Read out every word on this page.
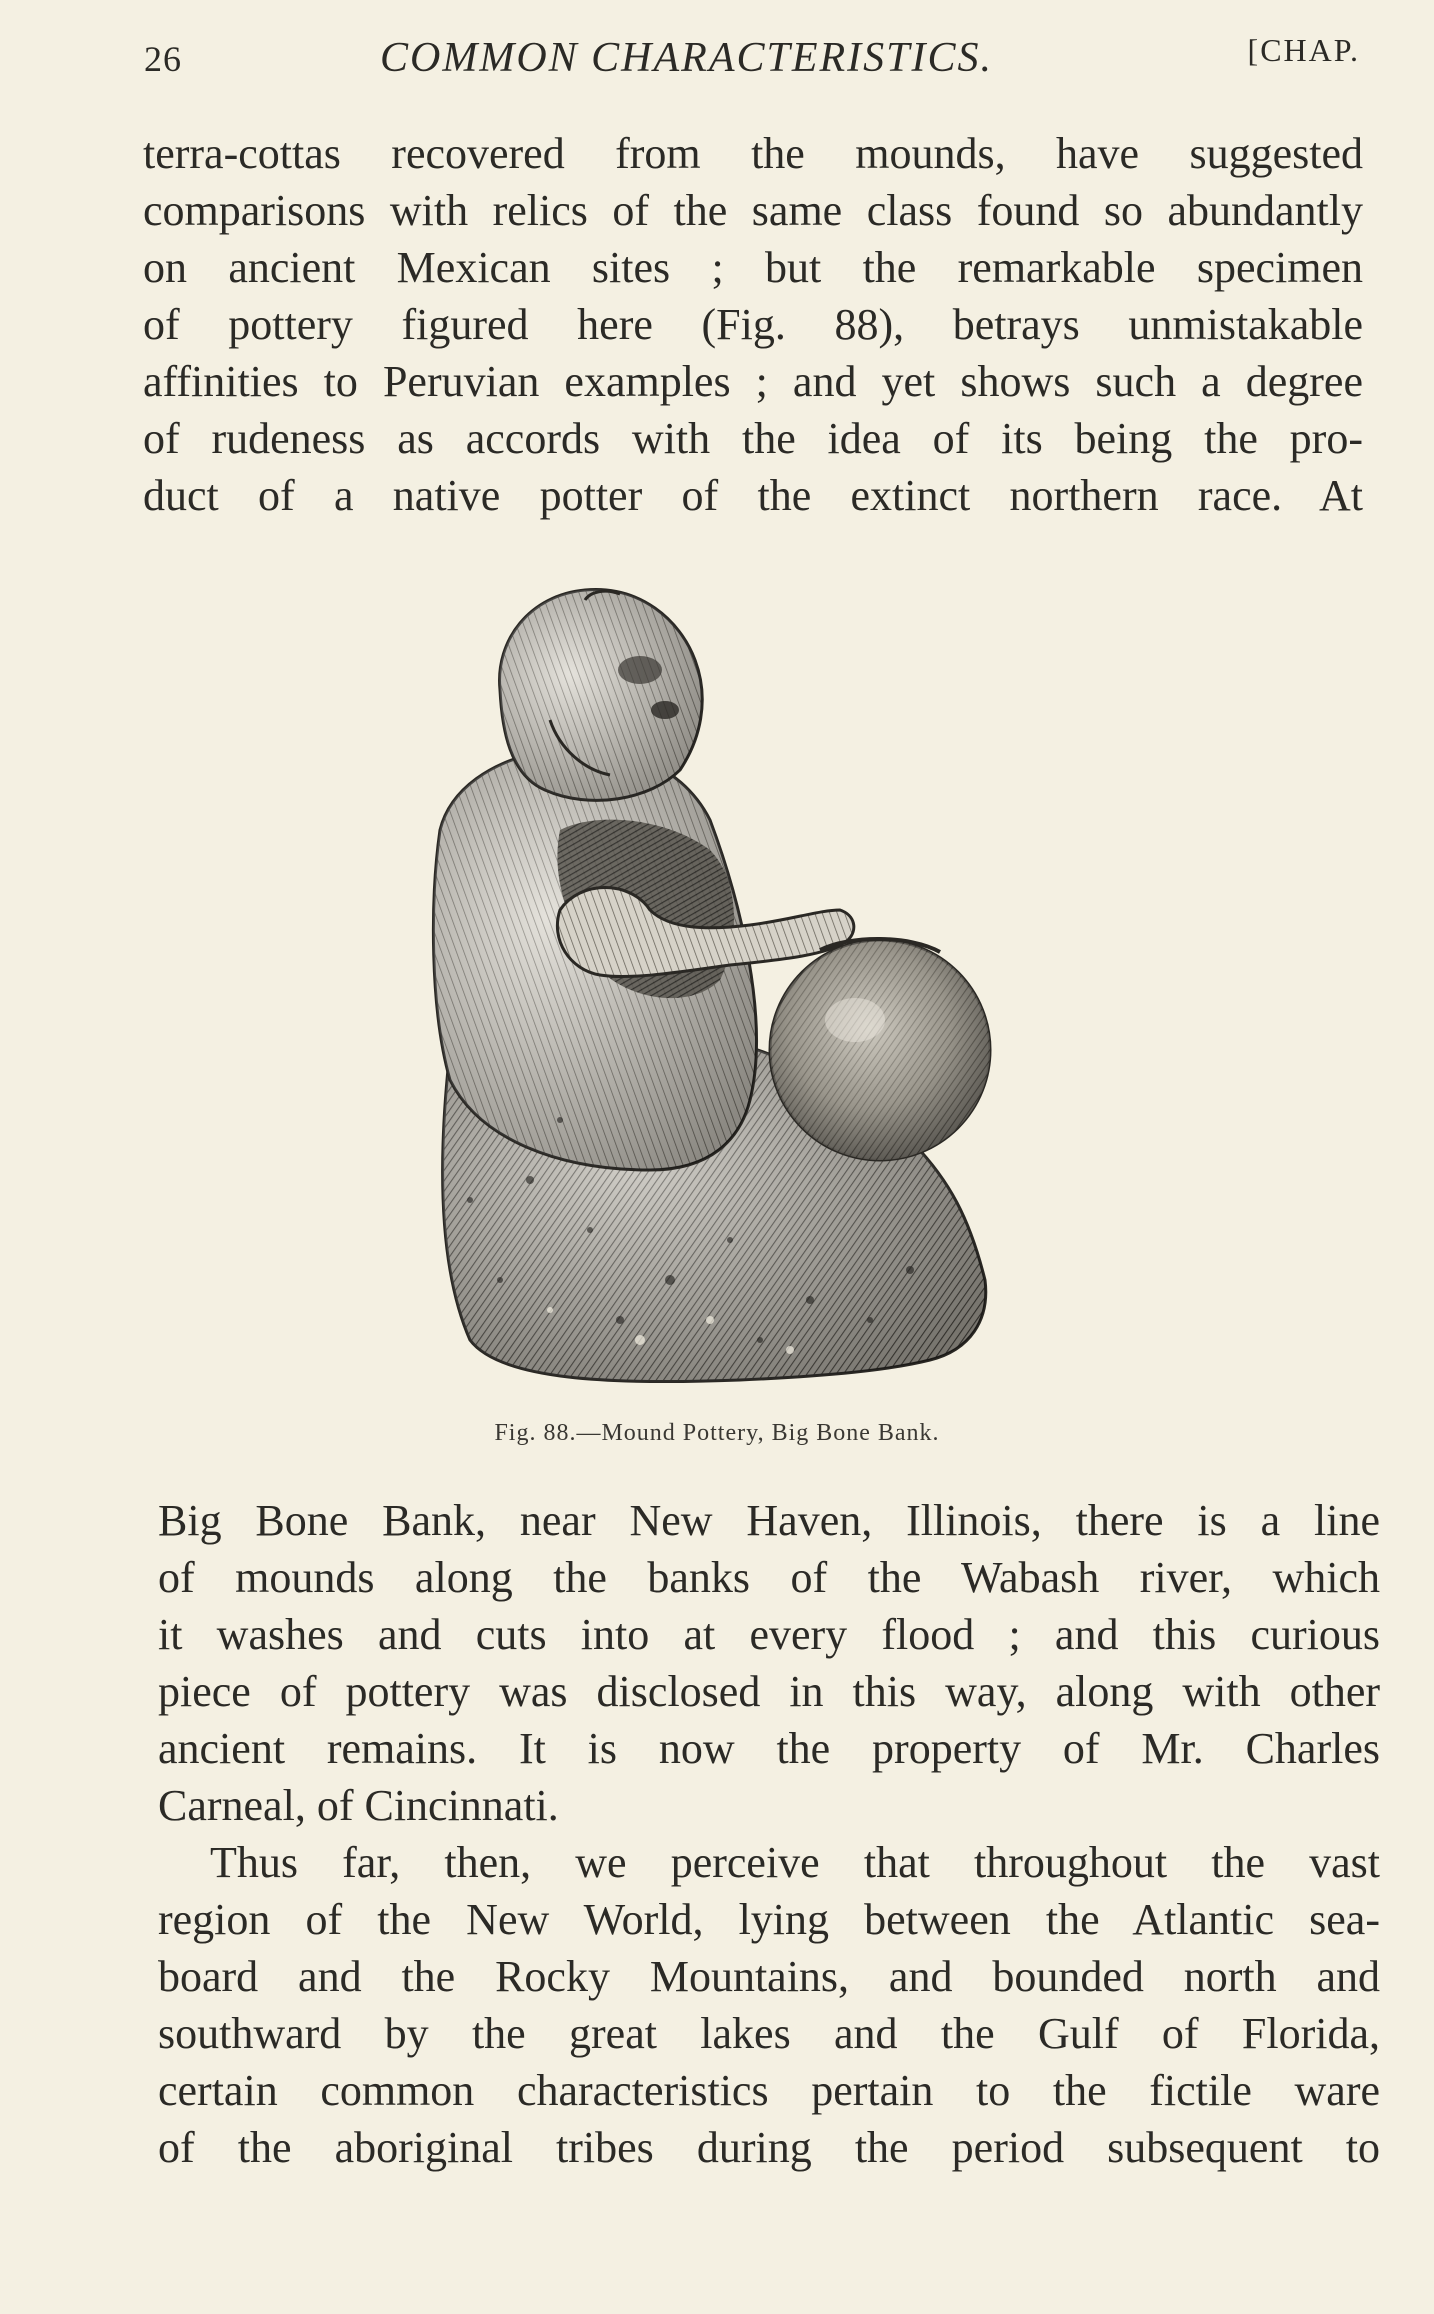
26	COMMON CHARACTERISTICS.	[CHAP.
terra-cottas recovered from the mounds, have suggested
comparisons with relics of the same class found so abundantly
on ancient Mexican sites ; but the remarkable specimen
of pottery figured here (Fig. 88), betrays unmistakable
affinities to Peruvian examples ; and yet shows such a degree
of rudeness as accords with the idea of its being the pro-
duct of a native potter of the extinct northern race. At
Fig. 88.—Mound Pottery, Big Bone Bank.
Big Bone Bank, near New Haven, Illinois, there is a line
of mounds along the banks of the Wabash river, which
it washes and cuts into at every flood ; and this curious
piece of pottery was disclosed in this way, along with other
ancient remains. It is now the property of Mr. Charles
Carneal, of Cincinnati.
Thus far, then, we perceive that throughout the vast
region of the New World, lying between the Atlantic sea-
board and the Rocky Mountains, and bounded north and
southward by the great lakes and the Gulf of Florida,
certain common characteristics pertain to the fictile ware
of the aboriginal tribes during the period subsequent to
